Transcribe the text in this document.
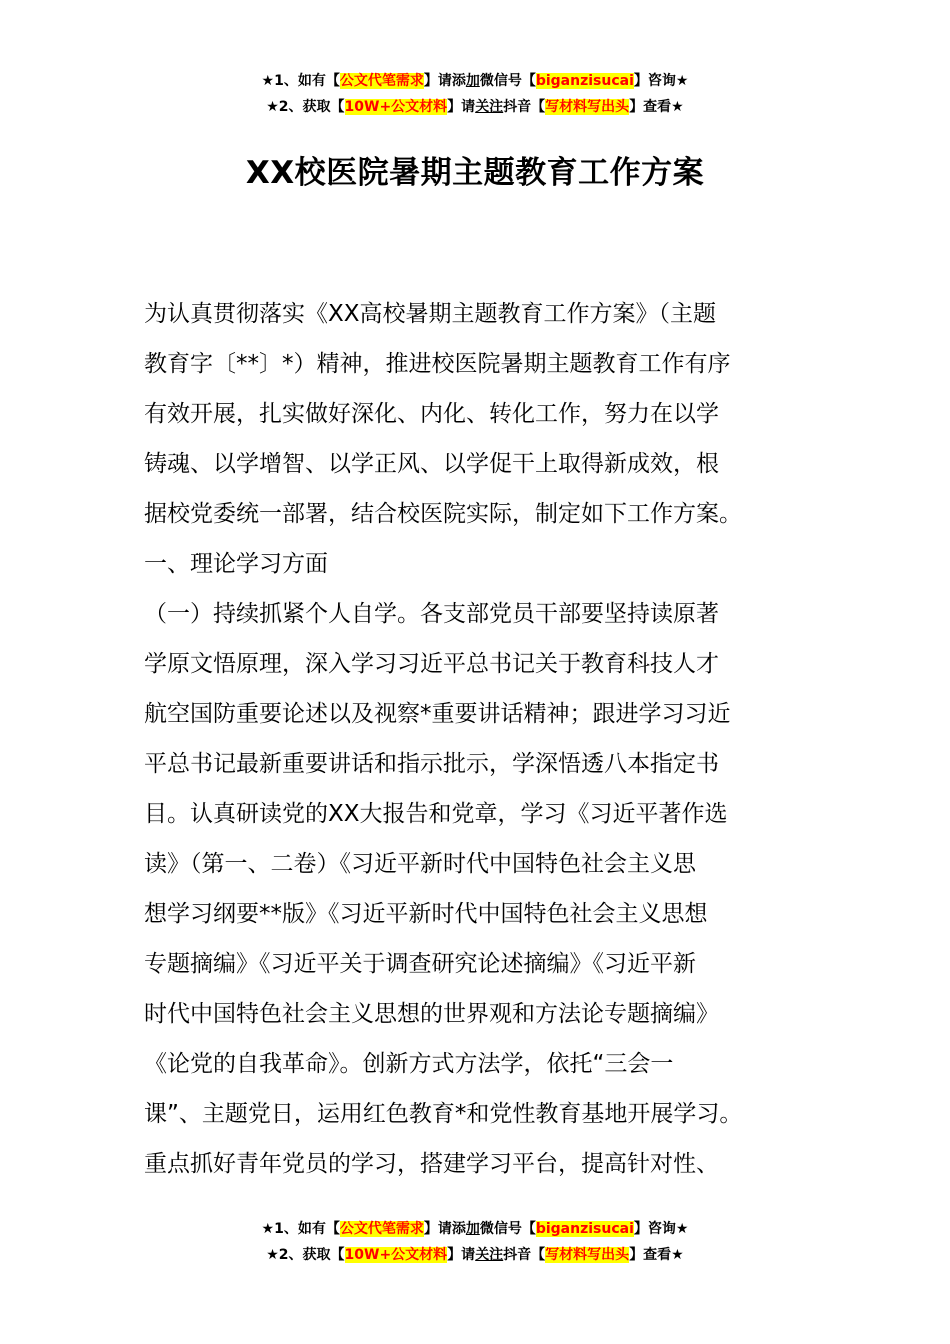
★1、如有【公文代笔需求】请添加微信号【biganzisucai】咨询★
★2、获取【10W+公文材料】请关注抖音【写材料写出头】查看★
XX校医院暑期主题教育工作方案
为认真贯彻落实《XX高校暑期主题教育工作方案》（主题
教育字〔**〕*）精神，推进校医院暑期主题教育工作有序
有效开展，扎实做好深化、内化、转化工作，努力在以学
铸魂、以学增智、以学正风、以学促干上取得新成效，根
据校党委统一部署，结合校医院实际，制定如下工作方案。
一、理论学习方面
（一）持续抓紧个人自学。各支部党员干部要坚持读原著
学原文悟原理，深入学习习近平总书记关于教育科技人才
航空国防重要论述以及视察*重要讲话精神；跟进学习习近
平总书记最新重要讲话和指示批示，学深悟透八本指定书
目。认真研读党的XX大报告和党章，学习《习近平著作选
读》（第一、二卷）《习近平新时代中国特色社会主义思
想学习纲要**版》《习近平新时代中国特色社会主义思想
专题摘编》《习近平关于调查研究论述摘编》《习近平新
时代中国特色社会主义思想的世界观和方法论专题摘编》
《论党的自我革命》。创新方式方法学，依托“三会一
课”、主题党日，运用红色教育*和党性教育基地开展学习。
重点抓好青年党员的学习，搭建学习平台，提高针对性、
★1、如有【公文代笔需求】请添加微信号【biganzisucai】咨询★
★2、获取【10W+公文材料】请关注抖音【写材料写出头】查看★
